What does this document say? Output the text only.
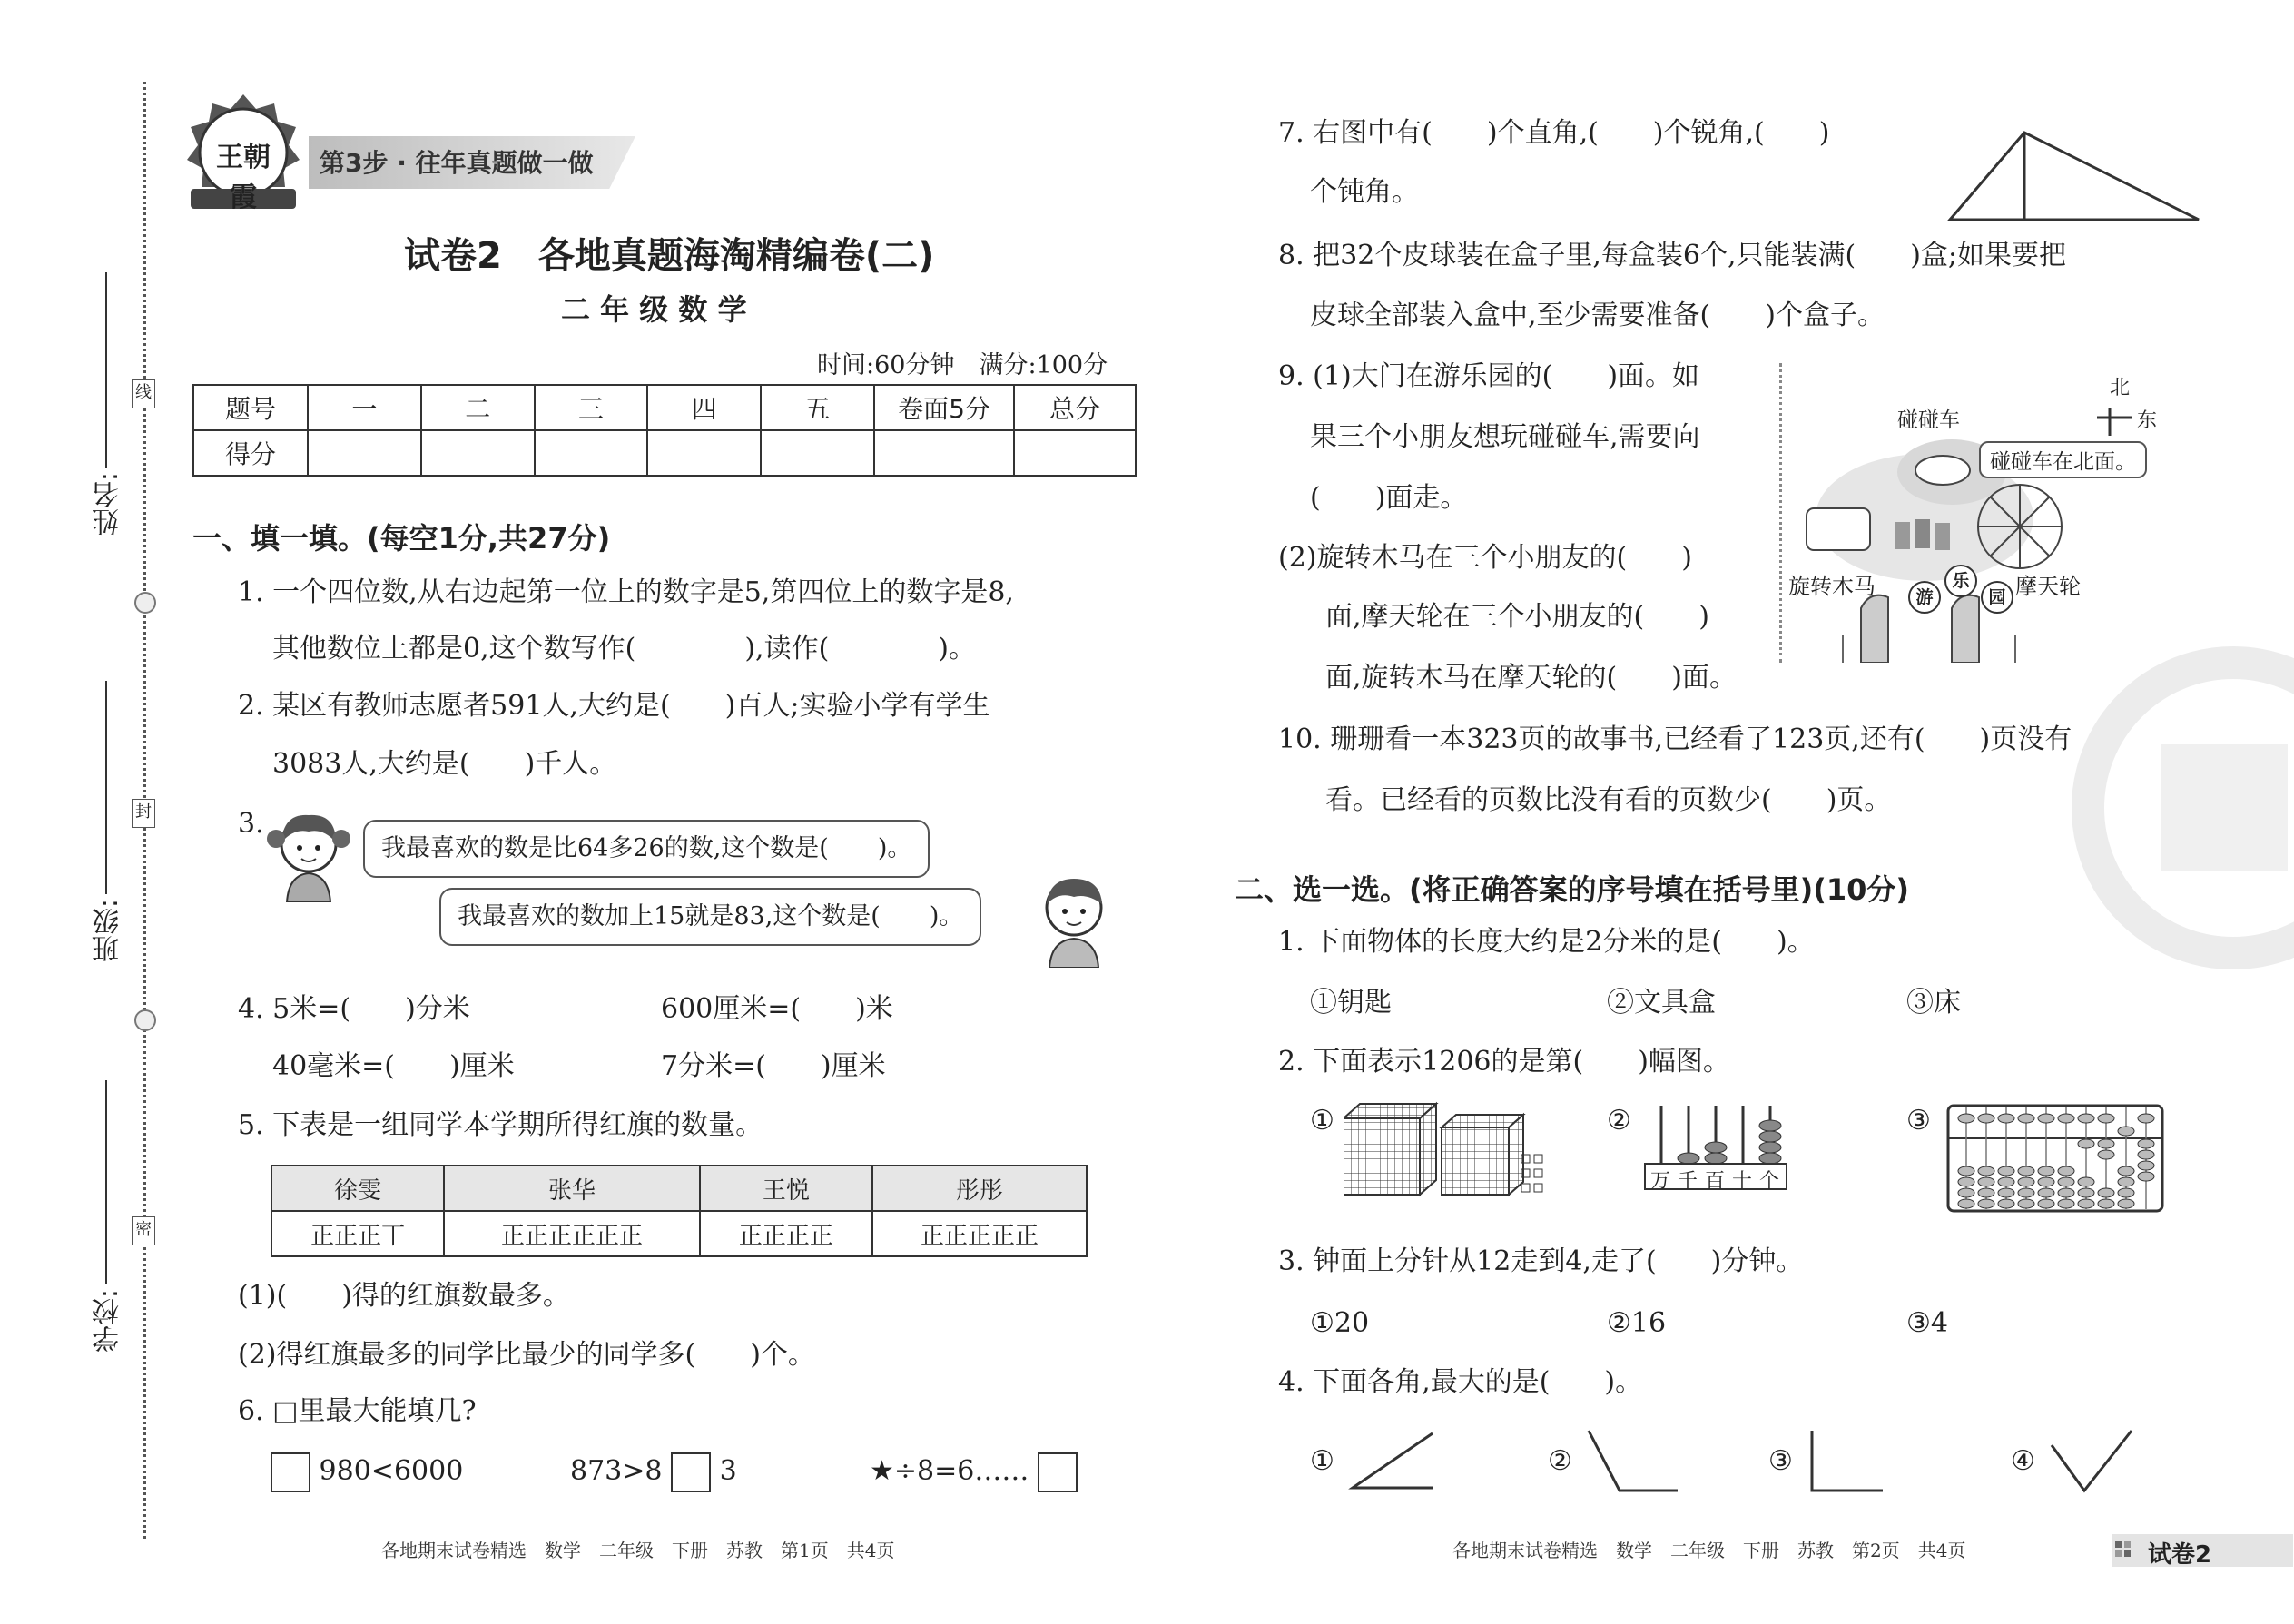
姓名:
班级:
学校:
线
封
密
王朝霞
第3步 · 往年真题做一做
试卷2　各地真题海淘精编卷(二)
二 年 级 数 学
时间:60分钟　满分:100分
题号	一	二	三	四	五	卷面5分	总分
得分							
一、填一填。(每空1分,共27分)
1. 一个四位数,从右边起第一位上的数字是5,第四位上的数字是8,
其他数位上都是0,这个数写作(　　　　),读作(　　　　)。
2. 某区有教师志愿者591人,大约是(　　)百人;实验小学有学生
3083人,大约是(　　)千人。
3.
我最喜欢的数是比64多26的数,这个数是(　　)。
我最喜欢的数加上15就是83,这个数是(　　)。
4. 5米=(　　)分米	600厘米=(　　)米
40毫米=(　　)厘米	7分米=(　　)厘米
5. 下表是一组同学本学期所得红旗的数量。
徐雯	张华	王悦	彤彤
正正正丅	正正正正正正	正正正正	正正正正正
(1)(　　)得的红旗数最多。
(2)得红旗最多的同学比最少的同学多(　　)个。
6. □里最大能填几?
980<6000	873>8 3	★÷8=6……
各地期末试卷精选　数学　二年级　下册　苏教　第1页　共4页
7. 右图中有(　　)个直角,(　　)个锐角,(　　)
个钝角。
8. 把32个皮球装在盒子里,每盒装6个,只能装满(　　)盒;如果要把
皮球全部装入盒中,至少需要准备(　　)个盒子。
9. (1)大门在游乐园的(　　)面。如
果三个小朋友想玩碰碰车,需要向
(　　)面走。
(2)旋转木马在三个小朋友的(　　)
面,摩天轮在三个小朋友的(　　)
面,旋转木马在摩天轮的(　　)面。
北
东
碰碰车
碰碰车在北面。
旋转木马	摩天轮
游
乐
园
10. 珊珊看一本323页的故事书,已经看了123页,还有(　　)页没有
看。已经看的页数比没有看的页数少(　　)页。
二、选一选。(将正确答案的序号填在括号里)(10分)
1. 下面物体的长度大约是2分米的是(　　)。
①钥匙	②文具盒	③床
2. 下面表示1206的是第(　　)幅图。
①	②
万千百十个
③
3. 钟面上分针从12走到4,走了(　　)分钟。
①20	②16	③4
4. 下面各角,最大的是(　　)。
①	②	③	④
各地期末试卷精选　数学　二年级　下册　苏教　第2页　共4页	试卷2
